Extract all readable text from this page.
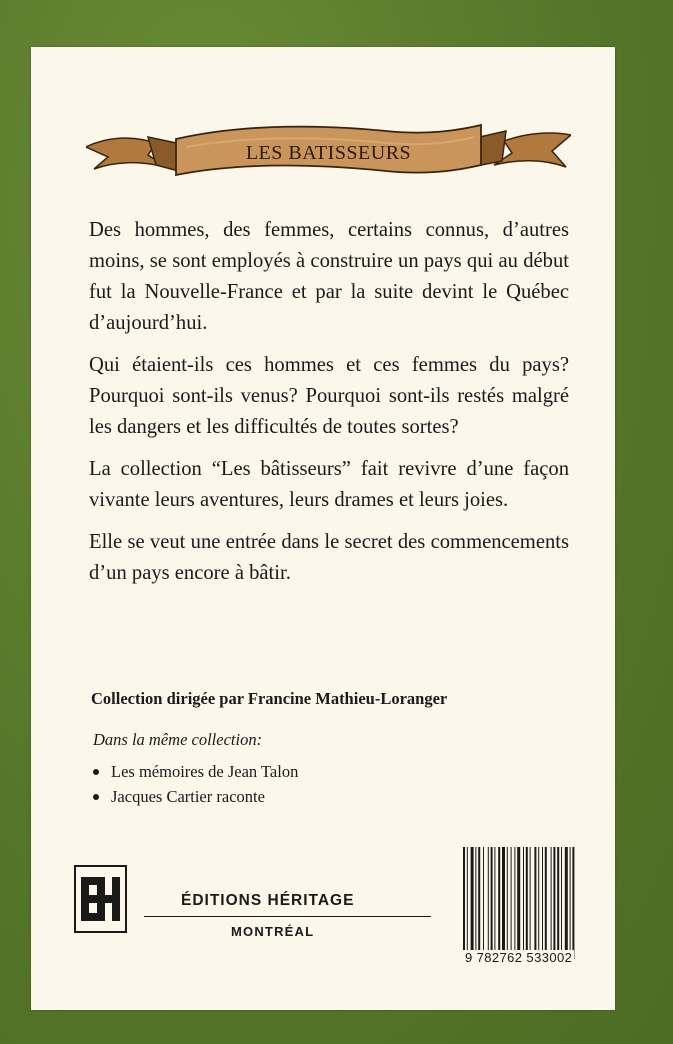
LES BATISSEURS

Des hommes, des femmes, certains connus, d’autres moins, se sont employés à construire un pays qui au début fut la Nouvelle-France et par la suite devint le Québec d’aujourd’hui.

Qui étaient-ils ces hommes et ces femmes du pays? Pourquoi sont-ils venus? Pourquoi sont-ils restés malgré les dangers et les difficultés de toutes sortes?

La collection “Les bâtisseurs” fait revivre d’une façon vivante leurs aventures, leurs drames et leurs joies.

Elle se veut une entrée dans le secret des commencements d’un pays encore à bâtir.

Collection dirigée par Francine Mathieu-Loranger
Dans la même collection:
Les mémoires de Jean Talon
Jacques Cartier raconte
ÉDITIONS HÉRITAGE
MONTRÉAL
9 782762 533002
